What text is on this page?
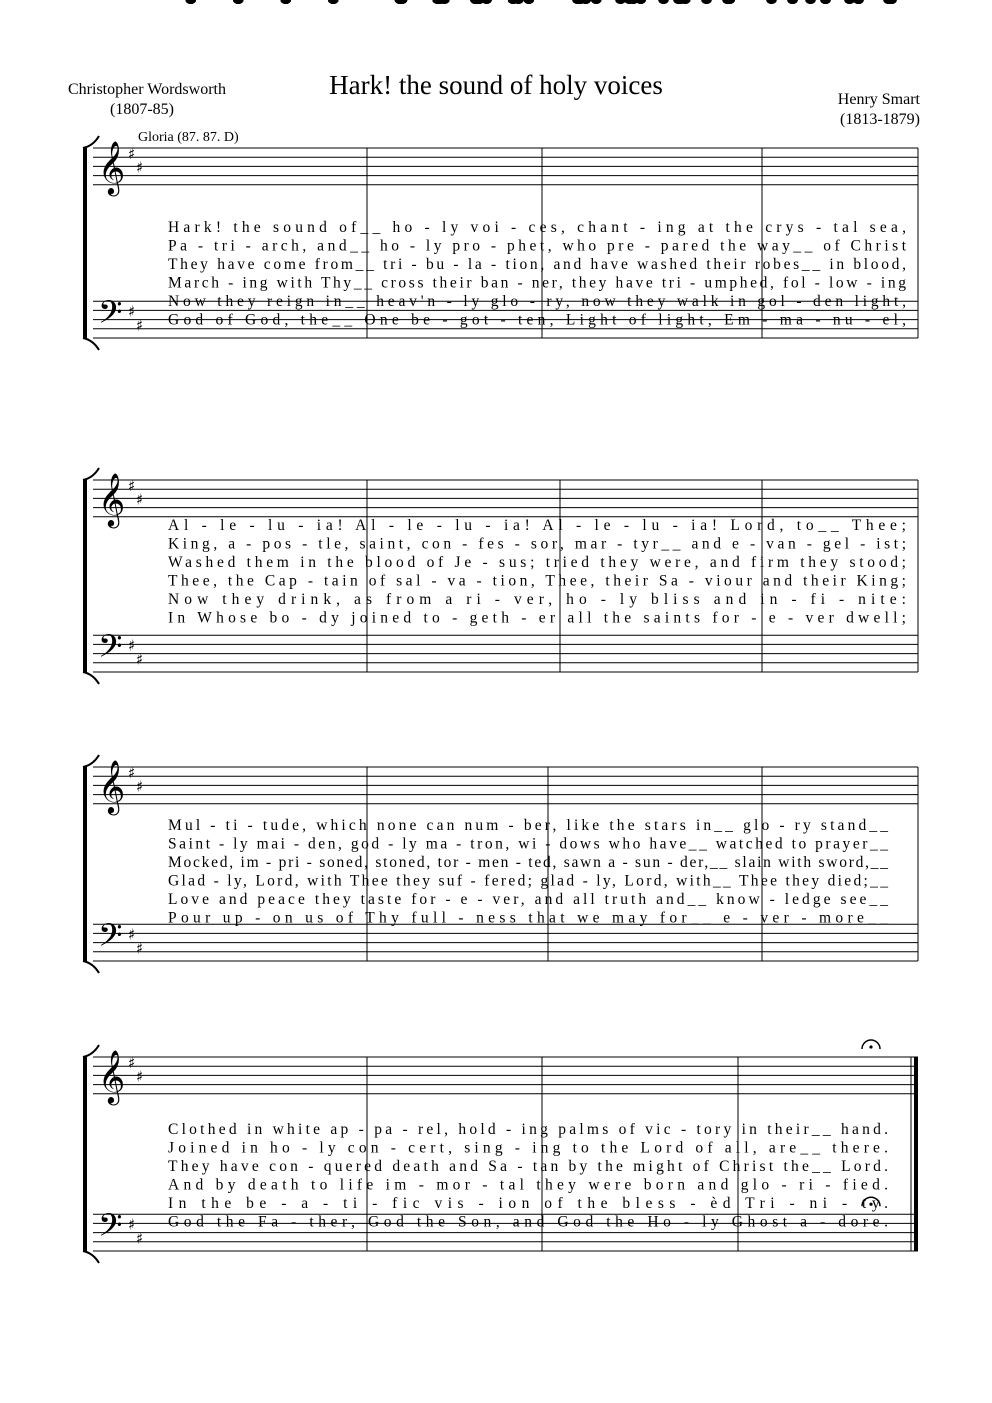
Hark! the sound of holy voices
Christopher Wordsworth
(1807-85)
Henry Smart
(1813-1879)
Gloria (87. 87. D)
𝄞
𝄢
♯
♯
♯
♯
Hark! the sound of__ ho - ly voi - ces, chant - ing at the crys - tal sea,
Pa - tri - arch, and__ ho - ly pro - phet, who pre - pared the way__ of Christ
They have come from__ tri - bu - la - tion, and have washed their robes__ in blood,
March - ing with Thy__ cross their ban - ner, they have tri - umphed, fol - low - ing
Now they reign in__ heav'n - ly glo - ry, now they walk in gol - den light,
God of God, the__ One be - got - ten, Light of light, Em - ma - nu - el,
𝄞
𝄢
♯
♯
♯
♯
Al - le - lu - ia! Al - le - lu - ia! Al - le - lu - ia! Lord, to__ Thee;
King, a - pos - tle, saint, con - fes - sor, mar - tyr__ and e - van - gel - ist;
Washed them in the blood of Je - sus; tried they were, and firm they stood;
Thee, the Cap - tain of sal - va - tion, Thee, their Sa - viour and their King;
Now they drink, as from a ri - ver, ho - ly bliss and in - fi - nite:
In Whose bo - dy joined to - geth - er all the saints for - e - ver dwell;
𝄞
𝄢
♯
♯
♯
♯
Mul - ti - tude, which none can num - ber, like the stars in__ glo - ry stand__
Saint - ly mai - den, god - ly ma - tron, wi - dows who have__ watched to prayer__
Mocked, im - pri - soned, stoned, tor - men - ted, sawn a - sun - der,__ slain with sword,__
Glad - ly, Lord, with Thee they suf - fered; glad - ly, Lord, with__ Thee they died;__
Love and peace they taste for - e - ver, and all truth and__ know - ledge see__
Pour up - on us of Thy full - ness that we may for__ e - ver - more__
𝄞
𝄢
♯
♯
♯
♯
Clothed in white ap - pa - rel, hold - ing palms of vic - tory in their__ hand.
Joined in ho - ly con - cert, sing - ing to the Lord of all, are__ there.
They have con - quered death and Sa - tan by the might of Christ the__ Lord.
And by death to life im - mor - tal they were born and glo - ri - fied.
In the be - a - ti - fic vis - ion of the bless - èd Tri - ni - ty.
God the Fa - ther, God the Son, and God the Ho - ly Ghost a - dore.
